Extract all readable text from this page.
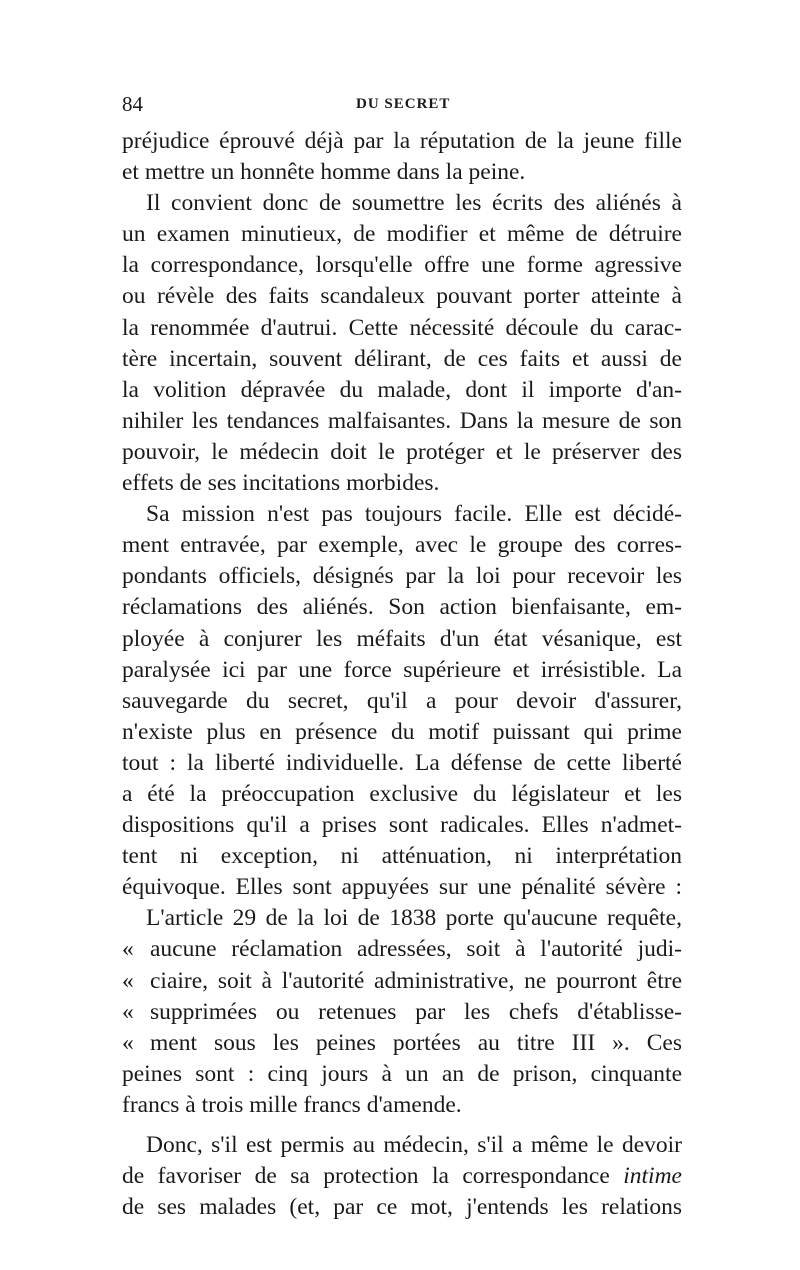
84	DU SECRET
préjudice éprouvé déjà par la réputation de la jeune fille
et mettre un honnête homme dans la peine.
Il convient donc de soumettre les écrits des aliénés à
un examen minutieux, de modifier et même de détruire
la correspondance, lorsqu'elle offre une forme agressive
ou révèle des faits scandaleux pouvant porter atteinte à
la renommée d'autrui. Cette nécessité découle du carac-
tère incertain, souvent délirant, de ces faits et aussi de
la volition dépravée du malade, dont il importe d'an-
nihiler les tendances malfaisantes. Dans la mesure de son
pouvoir, le médecin doit le protéger et le préserver des
effets de ses incitations morbides.
Sa mission n'est pas toujours facile. Elle est décidé-
ment entravée, par exemple, avec le groupe des corres-
pondants officiels, désignés par la loi pour recevoir les
réclamations des aliénés. Son action bienfaisante, em-
ployée à conjurer les méfaits d'un état vésanique, est
paralysée ici par une force supérieure et irrésistible. La
sauvegarde du secret, qu'il a pour devoir d'assurer,
n'existe plus en présence du motif puissant qui prime
tout : la liberté individuelle. La défense de cette liberté
a été la préoccupation exclusive du législateur et les
dispositions qu'il a prises sont radicales. Elles n'admet-
tent ni exception, ni atténuation, ni interprétation
équivoque. Elles sont appuyées sur une pénalité sévère :
L'article 29 de la loi de 1838 porte qu'aucune requête,
« aucune réclamation adressées, soit à l'autorité judi-
« ciaire, soit à l'autorité administrative, ne pourront être
« supprimées ou retenues par les chefs d'établisse-
« ment sous les peines portées au titre III ». Ces
peines sont : cinq jours à un an de prison, cinquante
francs à trois mille francs d'amende.
Donc, s'il est permis au médecin, s'il a même le devoir
de favoriser de sa protection la correspondance intime
de ses malades (et, par ce mot, j'entends les relations
